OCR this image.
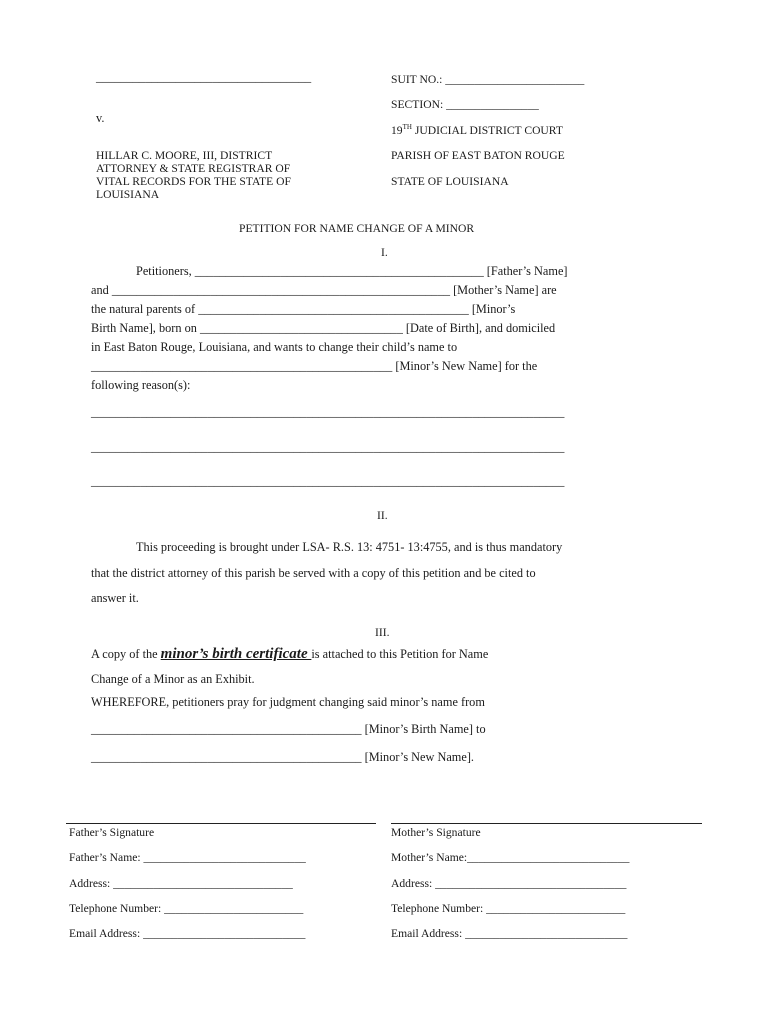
___________________________________
v.
HILLAR C. MOORE, III, DISTRICT
ATTORNEY & STATE REGISTRAR OF
VITAL RECORDS FOR THE STATE OF
LOUISIANA
SUIT NO.: ________________________
SECTION: ________________
19TH JUDICIAL DISTRICT COURT
PARISH OF EAST BATON ROUGE
STATE OF LOUISIANA
PETITION FOR NAME CHANGE OF A MINOR
I.
Petitioners, _______________________________________________ [Father’s Name]
and _______________________________________________________ [Mother’s Name] are
the natural parents of ____________________________________________ [Minor’s
Birth Name], born on _________________________________ [Date of Birth], and domiciled
in East Baton Rouge, Louisiana, and wants to change their child’s name to
_________________________________________________ [Minor’s New Name] for the
following reason(s):
_____________________________________________________________________________
_____________________________________________________________________________
_____________________________________________________________________________
II.
This proceeding is brought under LSA- R.S. 13: 4751- 13:4755, and is thus mandatory
that the district attorney of this parish be served with a copy of this petition and be cited to
answer it.
III.
A copy of the minor’s birth certificate is attached to this Petition for Name
Change of a Minor as an Exhibit.
WHEREFORE, petitioners pray for judgment changing said minor’s name from
____________________________________________ [Minor’s Birth Name] to
____________________________________________ [Minor’s New Name].
Father’s Signature
Father’s Name: ____________________________
Address: _______________________________
Telephone Number: ________________________
Email Address: ____________________________
Mother’s Signature
Mother’s Name:____________________________
Address: _________________________________
Telephone Number: ________________________
Email Address: ____________________________
